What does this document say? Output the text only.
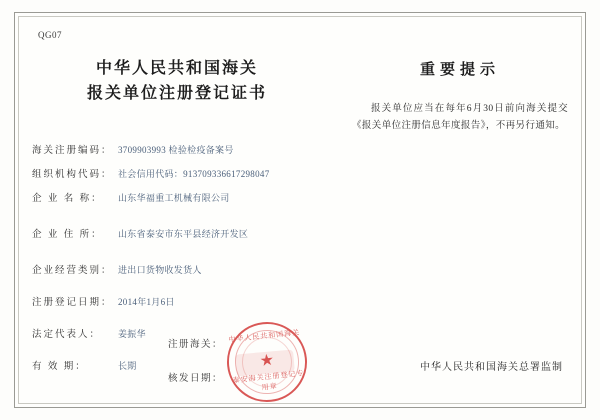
QG07
中华人民共和国海关
报关单位注册登记证书
海关注册编码： 3709903993 检验检疫备案号
组织机构代码： 社会信用代码：913709336617298047
企 业 名 称：	山东华福重工机械有限公司
企 业 住 所：	山东省泰安市东平县经济开发区
企业经营类别： 进出口货物收发货人
注册登记日期： 2014年1月6日
法定代表人：	姜振华
有 效 期：	长期
重要提示
报关单位应当在每年6月30日前向海关提交《报关单位注册信息年度报告》，不再另行通知。
注册海关：
核发日期：
中华人民共和国海关
★
泰安海关注册登记专用章
中华人民共和国海关总署监制
